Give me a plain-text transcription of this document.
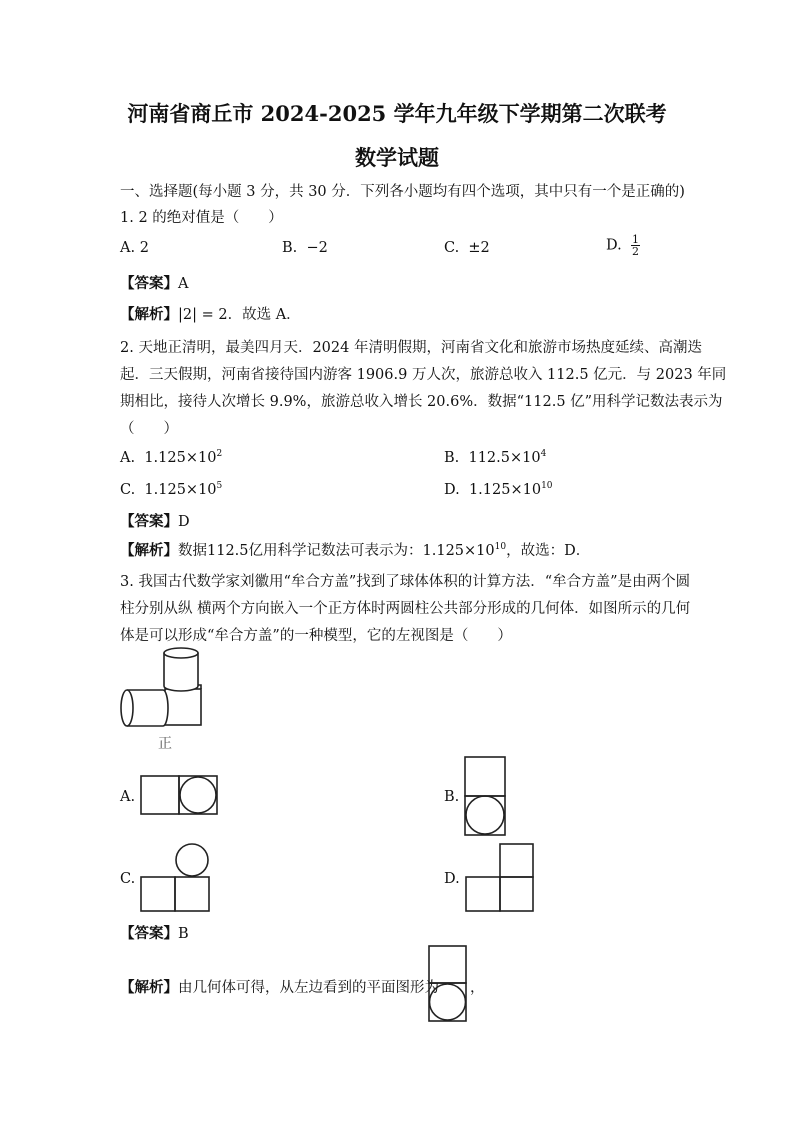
河南省商丘市 2024-2025 学年九年级下学期第二次联考
数学试题
一、选择题(每小题 3 分，共 30 分．下列各小题均有四个选项，其中只有一个是正确的)
1. 2 的绝对值是（　　）
A. 2	B. −2	C. ±2	D. $\frac{1}{2}$
【答案】A
【解析】|2| = 2．故选 A．
2. 天地正清明，最美四月天．2024 年清明假期，河南省文化和旅游市场热度延续、高潮迭
起．三天假期，河南省接待国内游客 1906.9 万人次，旅游总收入 112.5 亿元．与 2023 年同
期相比，接待人次增长 9.9%，旅游总收入增长 20.6%．数据“112.5 亿”用科学记数法表示为
（　　）
A. $1.125\times 10^2$	B. $112.5\times 10^4$
C. $1.125\times 10^5$	D. $1.125\times 10^{10}$
【答案】D
【解析】数据112.5亿用科学记数法可表示为：$1.125\times 10^{10}$，故选：D．
3. 我国古代数学家刘徽用“牟合方盖”找到了球体体积的计算方法．“牟合方盖”是由两个圆
柱分别从纵 横两个方向嵌入一个正方体时两圆柱公共部分形成的几何体．如图所示的几何
体是可以形成“牟合方盖”的一种模型，它的左视图是（　　）
正
A.	B.
C.	D.
【答案】B
【解析】由几何体可得，从左边看到的平面图形为 ，
